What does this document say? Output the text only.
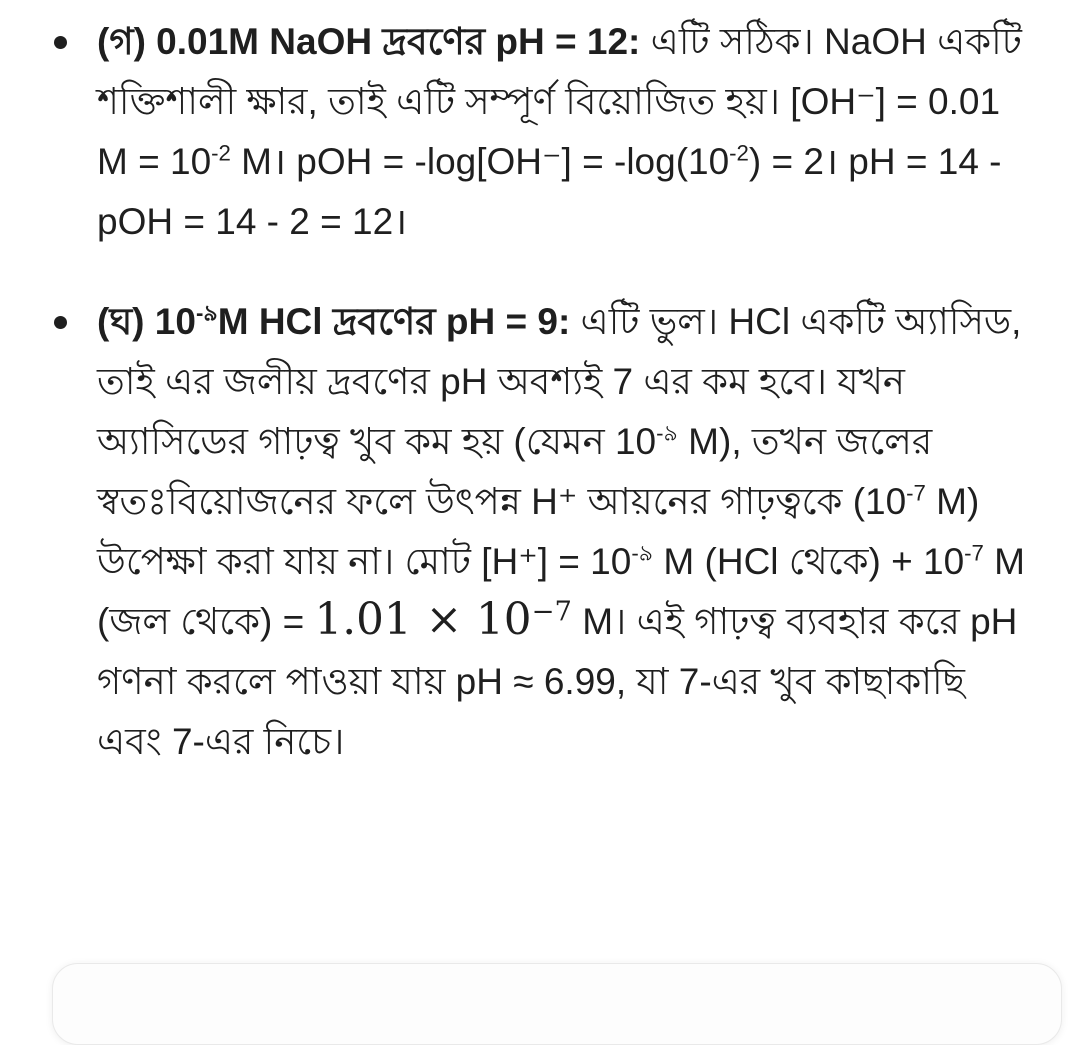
(গ) 0.01M NaOH দ্রবণের pH = 12: এটি সঠিক। NaOH একটি শক্তিশালী ক্ষার, তাই এটি সম্পূর্ণ বিয়োজিত হয়। [OH⁻] = 0.01 $M = 10^{-2}$ M। pOH = $-\log[OH^-] = -\log(10^{-2})$ = 2। pH = 14 - pOH = 14 - 2 = 12।

(ঘ) $10^{-৯}M$ HCl দ্রবণের pH = 9: এটি ভুল। HCl একটি অ্যাসিড, তাই এর জলীয় দ্রবণের pH অবশ্যই 7 এর কম হবে। যখন অ্যাসিডের গাঢ়ত্ব খুব কম হয় (যেমন $10^{-৯}$ M), তখন জলের স্বতঃবিয়োজনের ফলে উৎপন্ন H⁺ আয়নের গাঢ়ত্বকে ($10^{-7}$ M) উপেক্ষা করা যায় না। মোট $[H^+] = 10^{-৯}$ M (HCl থেকে) + $10^{-7}$ M (জল থেকে) = $1.01 \times 10^{-7}$ M। এই গাঢ়ত্ব ব্যবহার করে pH গণনা করলে পাওয়া যায় pH ≈ 6.99, যা 7-এর খুব কাছাকাছি এবং 7-এর নিচে।
